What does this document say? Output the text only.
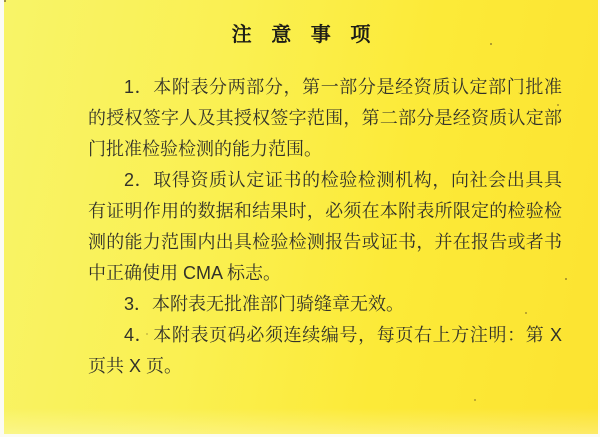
注 意 事 项

1．本附表分两部分，第一部分是经资质认定部门批准的授权签字人及其授权签字范围，第二部分是经资质认定部门批准检验检测的能力范围。

2．取得资质认定证书的检验检测机构，向社会出具具有证明作用的数据和结果时，必须在本附表所限定的检验检测的能力范围内出具检验检测报告或证书，并在报告或者书中正确使用 CMA 标志。

3．本附表无批准部门骑缝章无效。

4．本附表页码必须连续编号，每页右上方注明：第 X 页共 X 页。
